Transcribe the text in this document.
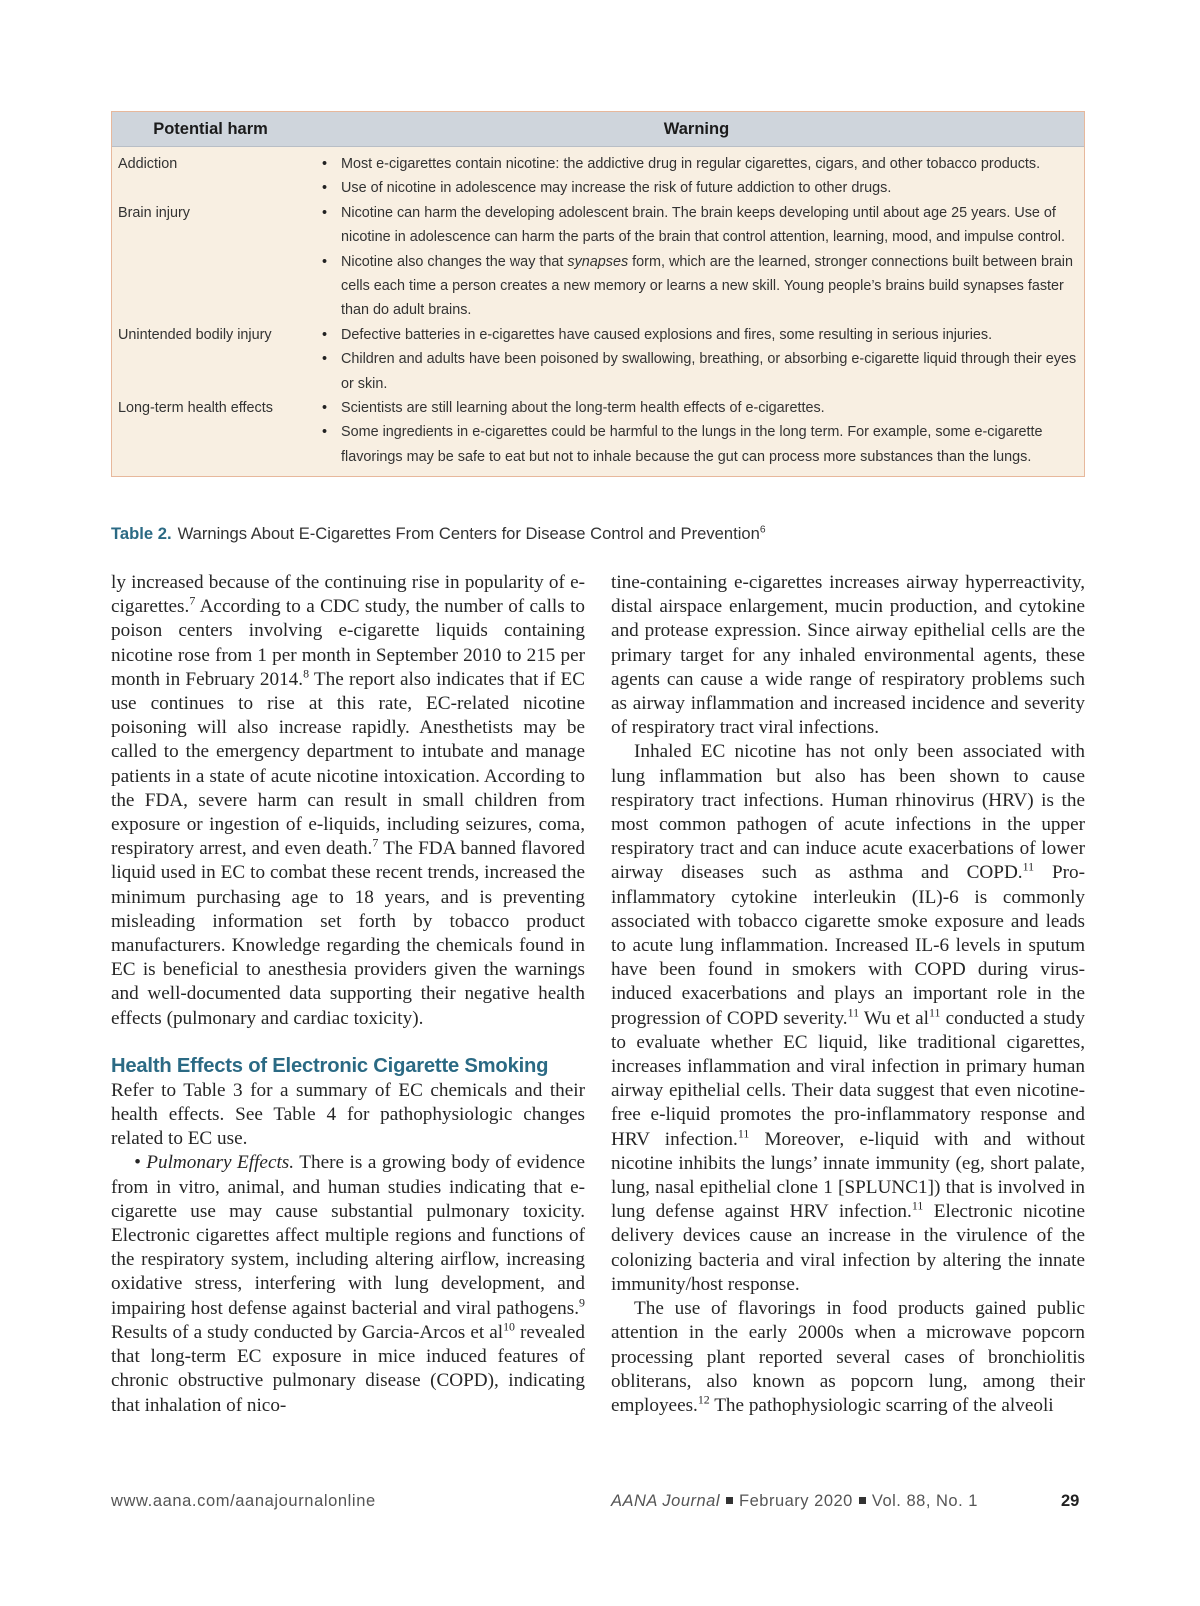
Potential harm	Warning
Addiction	• Most e-cigarettes contain nicotine: the addictive drug in regular cigarettes, cigars, and other tobacco products.
• Use of nicotine in adolescence may increase the risk of future addiction to other drugs.
Brain injury	• Nicotine can harm the developing adolescent brain. The brain keeps developing until about age 25 years. Use of nicotine in adolescence can harm the parts of the brain that control attention, learning, mood, and impulse control.
• Nicotine also changes the way that synapses form, which are the learned, stronger connections built between brain cells each time a person creates a new memory or learns a new skill. Young people’s brains build synapses faster than do adult brains.
Unintended bodily injury	• Defective batteries in e-cigarettes have caused explosions and fires, some resulting in serious injuries.
• Children and adults have been poisoned by swallowing, breathing, or absorbing e-cigarette liquid through their eyes or skin.
Long-term health effects	• Scientists are still learning about the long-term health effects of e-cigarettes.
• Some ingredients in e-cigarettes could be harmful to the lungs in the long term. For example, some e-cigarette flavorings may be safe to eat but not to inhale because the gut can process more substances than the lungs.
Table 2. Warnings About E-Cigarettes From Centers for Disease Control and Prevention$^6$

ly increased because of the continuing rise in popularity of e-cigarettes.$^7$ According to a CDC study, the number of calls to poison centers involving e-cigarette liquids containing nicotine rose from 1 per month in September 2010 to 215 per month in February 2014.$^8$ The report also indicates that if EC use continues to rise at this rate, EC-related nicotine poisoning will also increase rapidly. Anesthetists may be called to the emergency department to intubate and manage patients in a state of acute nicotine intoxication. According to the FDA, severe harm can result in small children from exposure or ingestion of e-liquids, including seizures, coma, respiratory arrest, and even death.$^7$ The FDA banned flavored liquid used in EC to combat these recent trends, increased the minimum purchasing age to 18 years, and is preventing misleading information set forth by tobacco product manufacturers. Knowledge regarding the chemicals found in EC is beneficial to anesthesia providers given the warnings and well-documented data supporting their negative health effects (pulmonary and cardiac toxicity).

Health Effects of Electronic Cigarette Smoking

Refer to Table 3 for a summary of EC chemicals and their health effects. See Table 4 for pathophysiologic changes related to EC use.

• Pulmonary Effects. There is a growing body of evidence from in vitro, animal, and human studies indicating that e-cigarette use may cause substantial pulmonary toxicity. Electronic cigarettes affect multiple regions and functions of the respiratory system, including altering airflow, increasing oxidative stress, interfering with lung development, and impairing host defense against bacterial and viral pathogens.$^9$ Results of a study conducted by Garcia-Arcos et $al^{10}$ revealed that long-term EC exposure in mice induced features of chronic obstructive pulmonary disease (COPD), indicating that inhalation of nico-

tine-containing e-cigarettes increases airway hyperreactivity, distal airspace enlargement, mucin production, and cytokine and protease expression. Since airway epithelial cells are the primary target for any inhaled environmental agents, these agents can cause a wide range of respiratory problems such as airway inflammation and increased incidence and severity of respiratory tract viral infections.

Inhaled EC nicotine has not only been associated with lung inflammation but also has been shown to cause respiratory tract infections. Human rhinovirus (HRV) is the most common pathogen of acute infections in the upper respiratory tract and can induce acute exacerbations of lower airway diseases such as asthma and COPD.$^{11}$ Pro-inflammatory cytokine interleukin (IL)-6 is commonly associated with tobacco cigarette smoke exposure and leads to acute lung inflammation. Increased IL-6 levels in sputum have been found in smokers with COPD during virus-induced exacerbations and plays an important role in the progression of COPD severity.$^{11}$ Wu et $al^{11}$ conducted a study to evaluate whether EC liquid, like traditional cigarettes, increases inflammation and viral infection in primary human airway epithelial cells. Their data suggest that even nicotine-free e-liquid promotes the pro-inflammatory response and HRV infection.$^{11}$ Moreover, e-liquid with and without nicotine inhibits the lungs’ innate immunity (eg, short palate, lung, nasal epithelial clone 1 [SPLUNC1]) that is involved in lung defense against HRV infection.$^{11}$ Electronic nicotine delivery devices cause an increase in the virulence of the colonizing bacteria and viral infection by altering the innate immunity/host response.

The use of flavorings in food products gained public attention in the early 2000s when a microwave popcorn processing plant reported several cases of bronchiolitis obliterans, also known as popcorn lung, among their employees.$^{12}$ The pathophysiologic scarring of the alveoli

www.aana.com/aanajournalonline	AANA Journal February 2020 Vol. 88, No. 1	29
